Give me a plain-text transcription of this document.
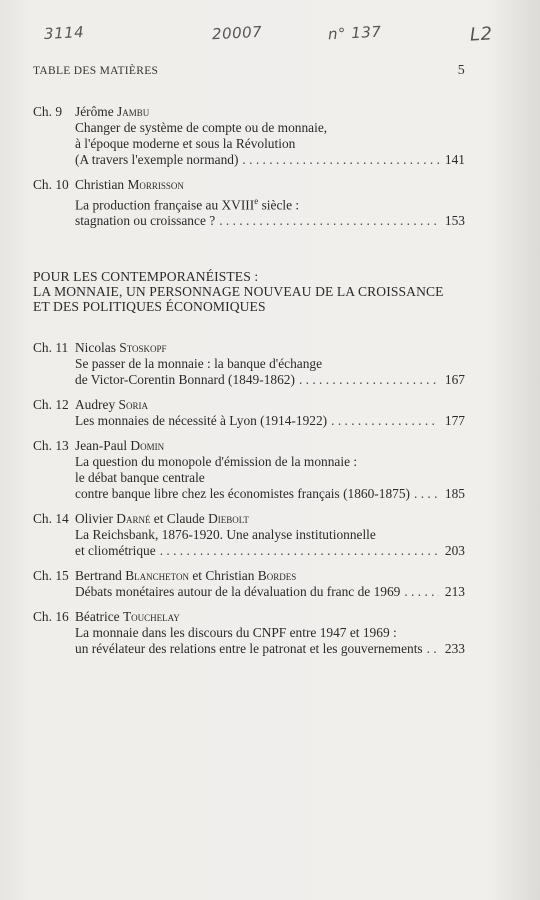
3114	20007	n° 137	L2
TABLE DES MATIÈRES	5
Ch. 9 Jérôme Jambu
Changer de système de compte ou de monnaie,
à l'époque moderne et sous la Révolution
(A travers l'exemple normand) . . .	141
Ch. 10 Christian Morrisson
La production française au XVIIIe siècle :
stagnation ou croissance ? . . .	153
POUR LES CONTEMPORANÉISTES :
LA MONNAIE, UN PERSONNAGE NOUVEAU DE LA CROISSANCE
ET DES POLITIQUES ÉCONOMIQUES
Ch. 11 Nicolas Stoskopf
Se passer de la monnaie : la banque d'échange
de Victor-Corentin Bonnard (1849-1862) . . .	167
Ch. 12 Audrey Soria
Les monnaies de nécessité à Lyon (1914-1922) . . .	177
Ch. 13 Jean-Paul Domin
La question du monopole d'émission de la monnaie :
le débat banque centrale
contre banque libre chez les économistes français (1860-1875) . . .	185
Ch. 14 Olivier Darné et Claude Diebolt
La Reichsbank, 1876-1920. Une analyse institutionnelle
et cliométrique . . .	203
Ch. 15 Bertrand Blancheton et Christian Bordes
Débats monétaires autour de la dévaluation du franc de 1969 . . .	213
Ch. 16 Béatrice Touchelay
La monnaie dans les discours du CNPF entre 1947 et 1969 :
un révélateur des relations entre le patronat et les gouvernements . . . 233
